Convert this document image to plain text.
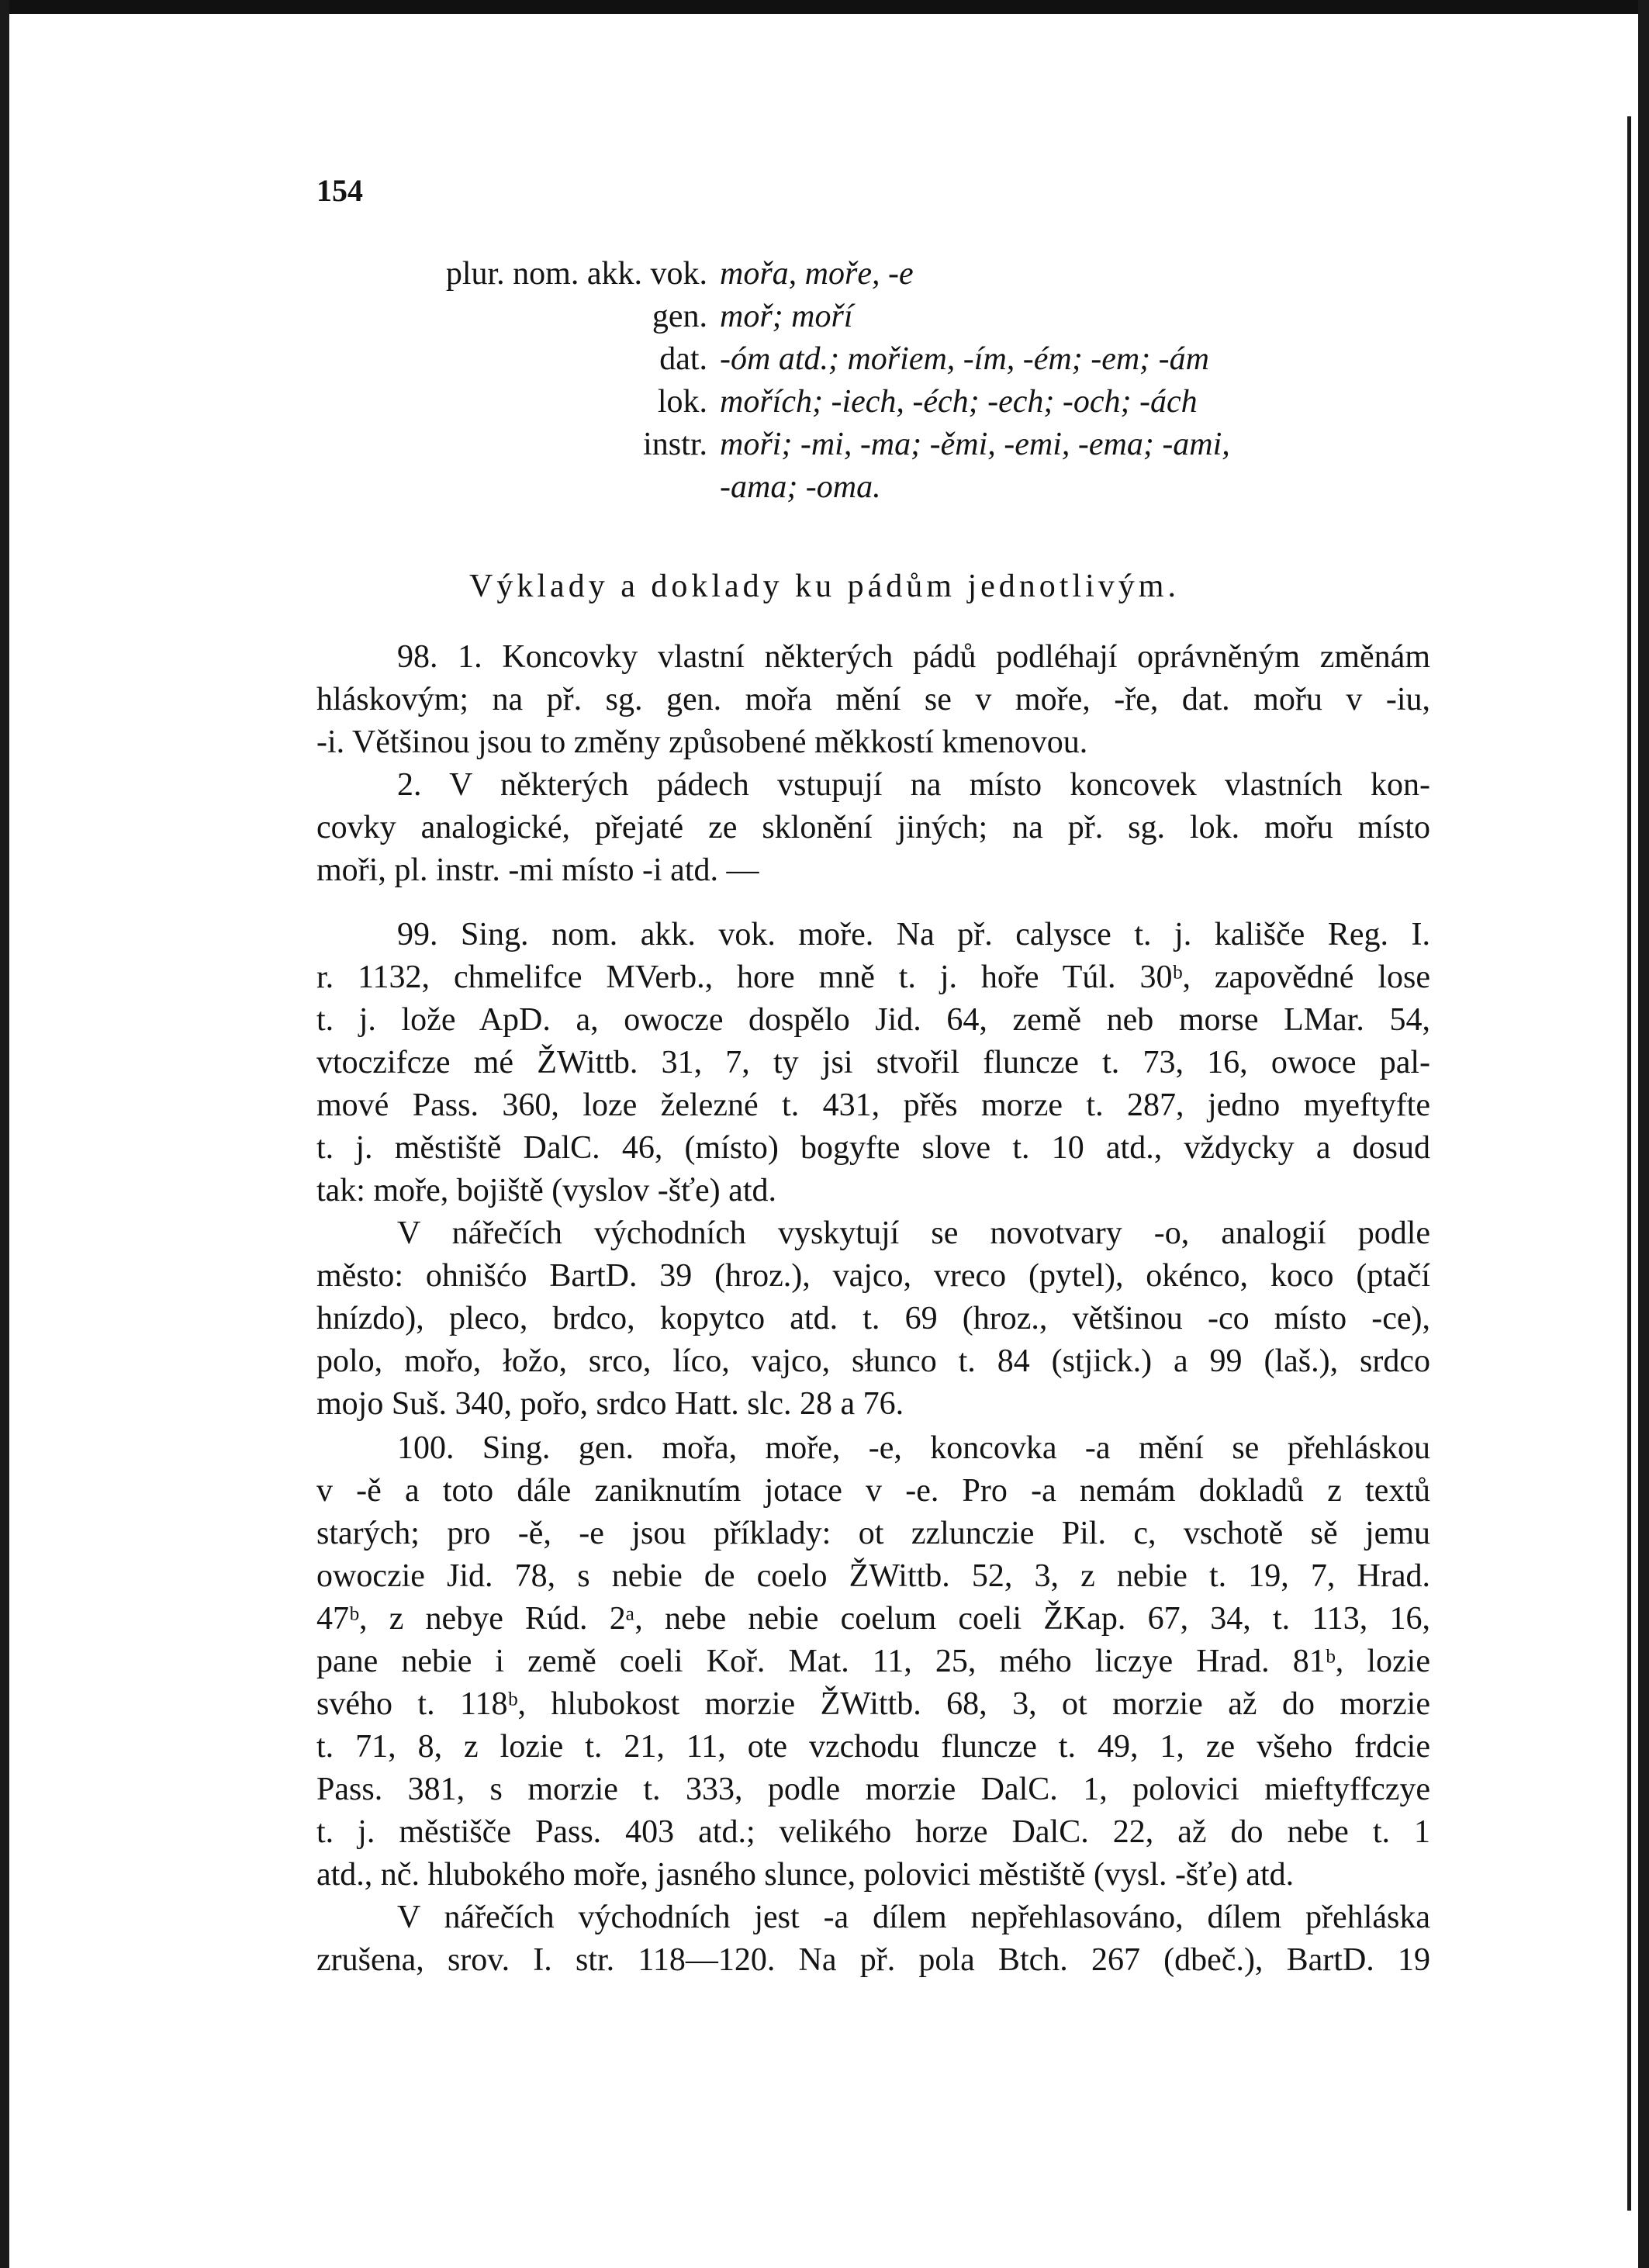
154
plur. nom. akk. vok. mořa, moře, -e
gen. moř; moří
dat. -óm atd.; mořiem, -ím, -ém; -em; -ám
lok. mořích; -iech, -éch; -ech; -och; -ách
instr. moři; -mi, -ma; -ěmi, -emi, -ema; -ami,
-ama; -oma.
Výklady a doklady ku pádům jednotlivým.
98. 1. Koncovky vlastní některých pádů podléhají oprávněným změnám
hláskovým; na př. sg. gen. mořa mění se v moře, -ře, dat. mořu v -iu,
-i. Většinou jsou to změny způsobené měkkostí kmenovou.
2. V některých pádech vstupují na místo koncovek vlastních kon-
covky analogické, přejaté ze sklonění jiných; na př. sg. lok. mořu místo
moři, pl. instr. -mi místo -i atd. —
99. Sing. nom. akk. vok. moře. Na př. calysce t. j. kališče Reg. I.
r. 1132, chmelifce MVerb., hore mně t. j. hoře Túl. 30ᵇ, zapovědné lose
t. j. lože ApD. a, owocze dospělo Jid. 64, země neb morse LMar. 54,
vtoczifcze mé ŽWittb. 31, 7, ty jsi stvořil fluncze t. 73, 16, owoce pal-
mové Pass. 360, loze železné t. 431, přěs morze t. 287, jedno myeftyfte
t. j. městiště DalC. 46, (místo) bogyfte slove t. 10 atd., vždycky a dosud
tak: moře, bojiště (vyslov -šťe) atd.
V nářečích východních vyskytují se novotvary -o, analogií podle
město: ohnišćo BartD. 39 (hroz.), vajco, vreco (pytel), okénco, koco (ptačí
hnízdo), pleco, brdco, kopytco atd. t. 69 (hroz., většinou -co místo -ce),
polo, mořo, łožo, srco, líco, vajco, słunco t. 84 (stjick.) a 99 (laš.), srdco
mojo Suš. 340, pořo, srdco Hatt. slc. 28 a 76.
100. Sing. gen. mořa, moře, -e, koncovka -a mění se přehláskou
v -ě a toto dále zaniknutím jotace v -e. Pro -a nemám dokladů z textů
starých; pro -ě, -e jsou příklady: ot zzlunczie Pil. c, vschotě sě jemu
owoczie Jid. 78, s nebie de coelo ŽWittb. 52, 3, z nebie t. 19, 7, Hrad.
47ᵇ, z nebye Rúd. 2ᵃ, nebe nebie coelum coeli ŽKap. 67, 34, t. 113, 16,
pane nebie i země coeli Koř. Mat. 11, 25, mého liczye Hrad. 81ᵇ, lozie
svého t. 118ᵇ, hlubokost morzie ŽWittb. 68, 3, ot morzie až do morzie
t. 71, 8, z lozie t. 21, 11, ote vzchodu fluncze t. 49, 1, ze všeho frdcie
Pass. 381, s morzie t. 333, podle morzie DalC. 1, polovici mieftyffczye
t. j. městišče Pass. 403 atd.; velikého horze DalC. 22, až do nebe t. 1
atd., nč. hlubokého moře, jasného slunce, polovici městiště (vysl. -šťe) atd.
V nářečích východních jest -a dílem nepřehlasováno, dílem přehláska
zrušena, srov. I. str. 118—120. Na př. pola Btch. 267 (dbeč.), BartD. 19
